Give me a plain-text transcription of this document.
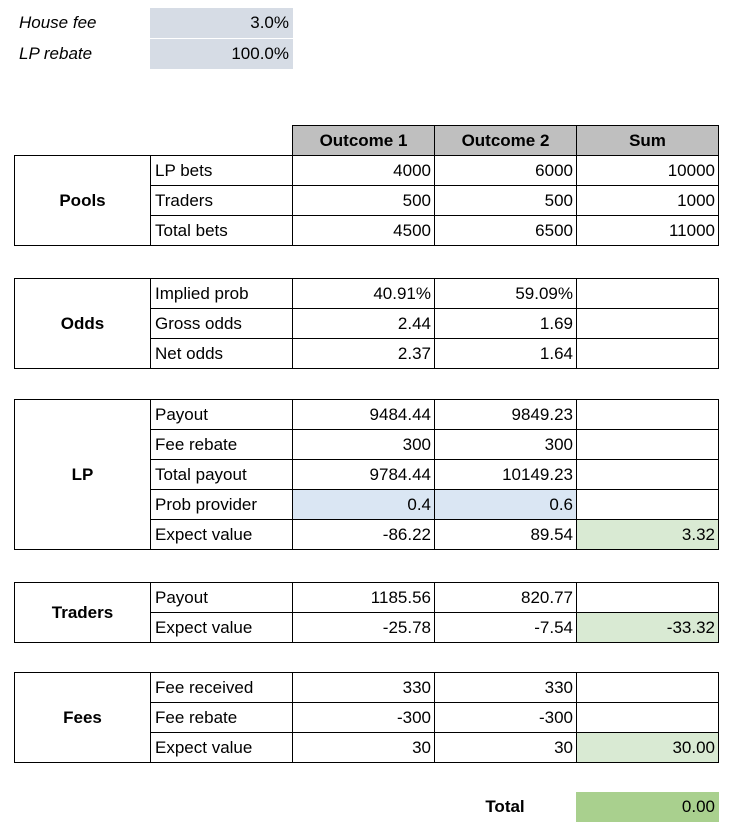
House fee	3.0%
LP rebate	100.0%
		Outcome 1	Outcome 2	Sum
Pools	LP bets	4000	6000	10000
	Traders	500	500	1000
	Total bets	4500	6500	11000
Odds	Implied prob	40.91%	59.09%	
	Gross odds	2.44	1.69	
	Net odds	2.37	1.64	
LP	Payout	9484.44	9849.23	
	Fee rebate	300	300	
	Total payout	9784.44	10149.23	
	Prob provider	0.4	0.6	
	Expect value	-86.22	89.54	3.32
Traders	Payout	1185.56	820.77	
	Expect value	-25.78	-7.54	-33.32
Fees	Fee received	330	330	
	Fee rebate	-300	-300	
	Expect value	30	30	30.00
Total	0.00
